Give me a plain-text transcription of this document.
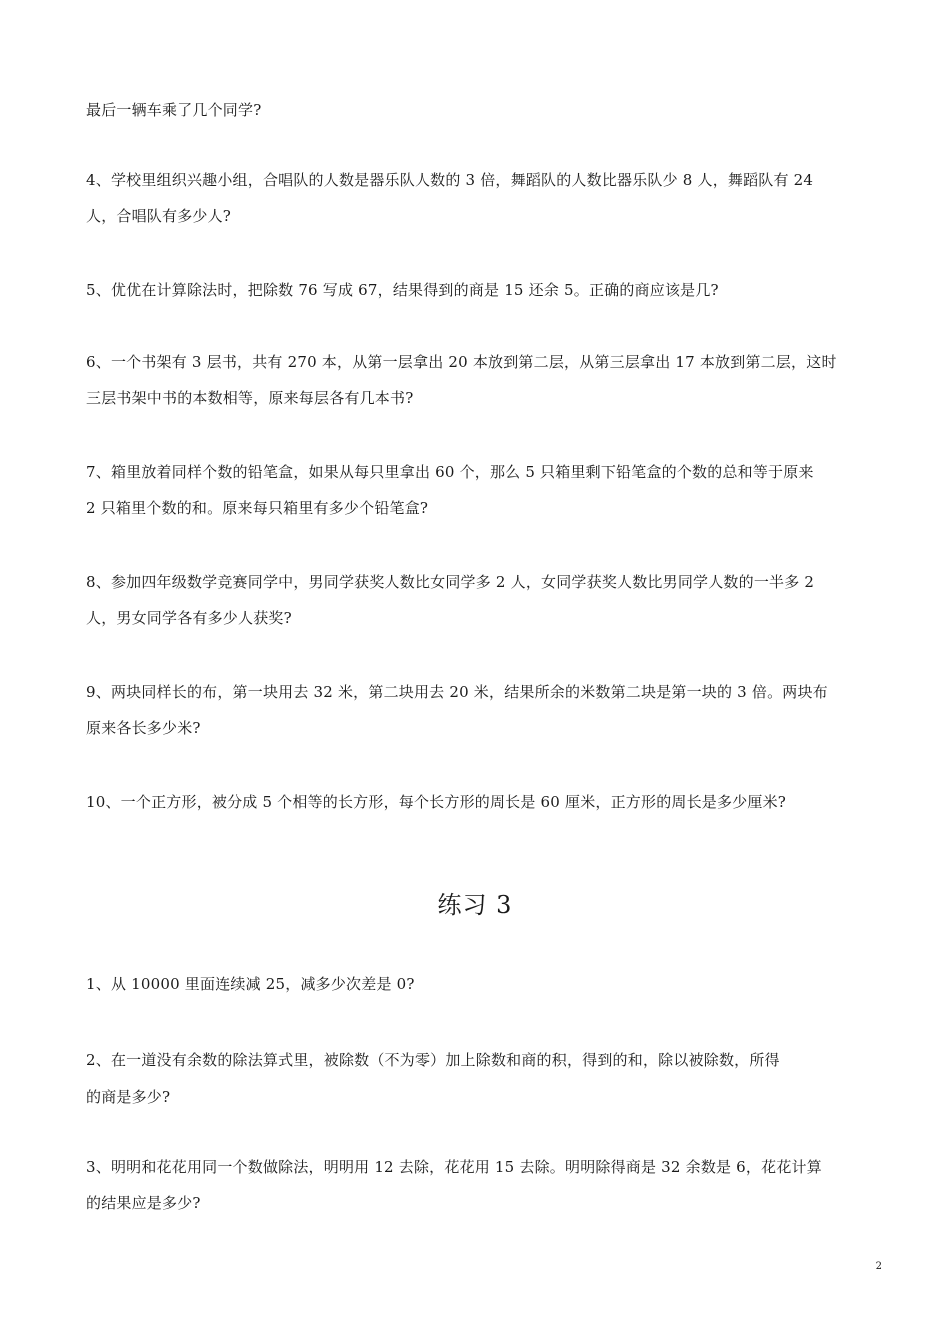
最后一辆车乘了几个同学?
4、学校里组织兴趣小组，合唱队的人数是器乐队人数的 3 倍，舞蹈队的人数比器乐队少 8 人，舞蹈队有 24
人，合唱队有多少人?
5、优优在计算除法时，把除数 76 写成 67，结果得到的商是 15 还余 5。正确的商应该是几?
6、一个书架有 3 层书，共有 270 本，从第一层拿出 20 本放到第二层，从第三层拿出 17 本放到第二层，这时
三层书架中书的本数相等，原来每层各有几本书?
7、箱里放着同样个数的铅笔盒，如果从每只里拿出 60 个，那么 5 只箱里剩下铅笔盒的个数的总和等于原来
2 只箱里个数的和。原来每只箱里有多少个铅笔盒?
8、参加四年级数学竞赛同学中，男同学获奖人数比女同学多 2 人，女同学获奖人数比男同学人数的一半多 2
人，男女同学各有多少人获奖?
9、两块同样长的布，第一块用去 32 米，第二块用去 20 米，结果所余的米数第二块是第一块的 3 倍。两块布
原来各长多少米?
10、一个正方形，被分成 5 个相等的长方形，每个长方形的周长是 60 厘米，正方形的周长是多少厘米?
练习 3
1、从 10000 里面连续减 25，减多少次差是 0?
2、在一道没有余数的除法算式里，被除数（不为零）加上除数和商的积，得到的和，除以被除数，所得
的商是多少?
3、明明和花花用同一个数做除法，明明用 12 去除，花花用 15 去除。明明除得商是 32 余数是 6，花花计算
的结果应是多少?
2
